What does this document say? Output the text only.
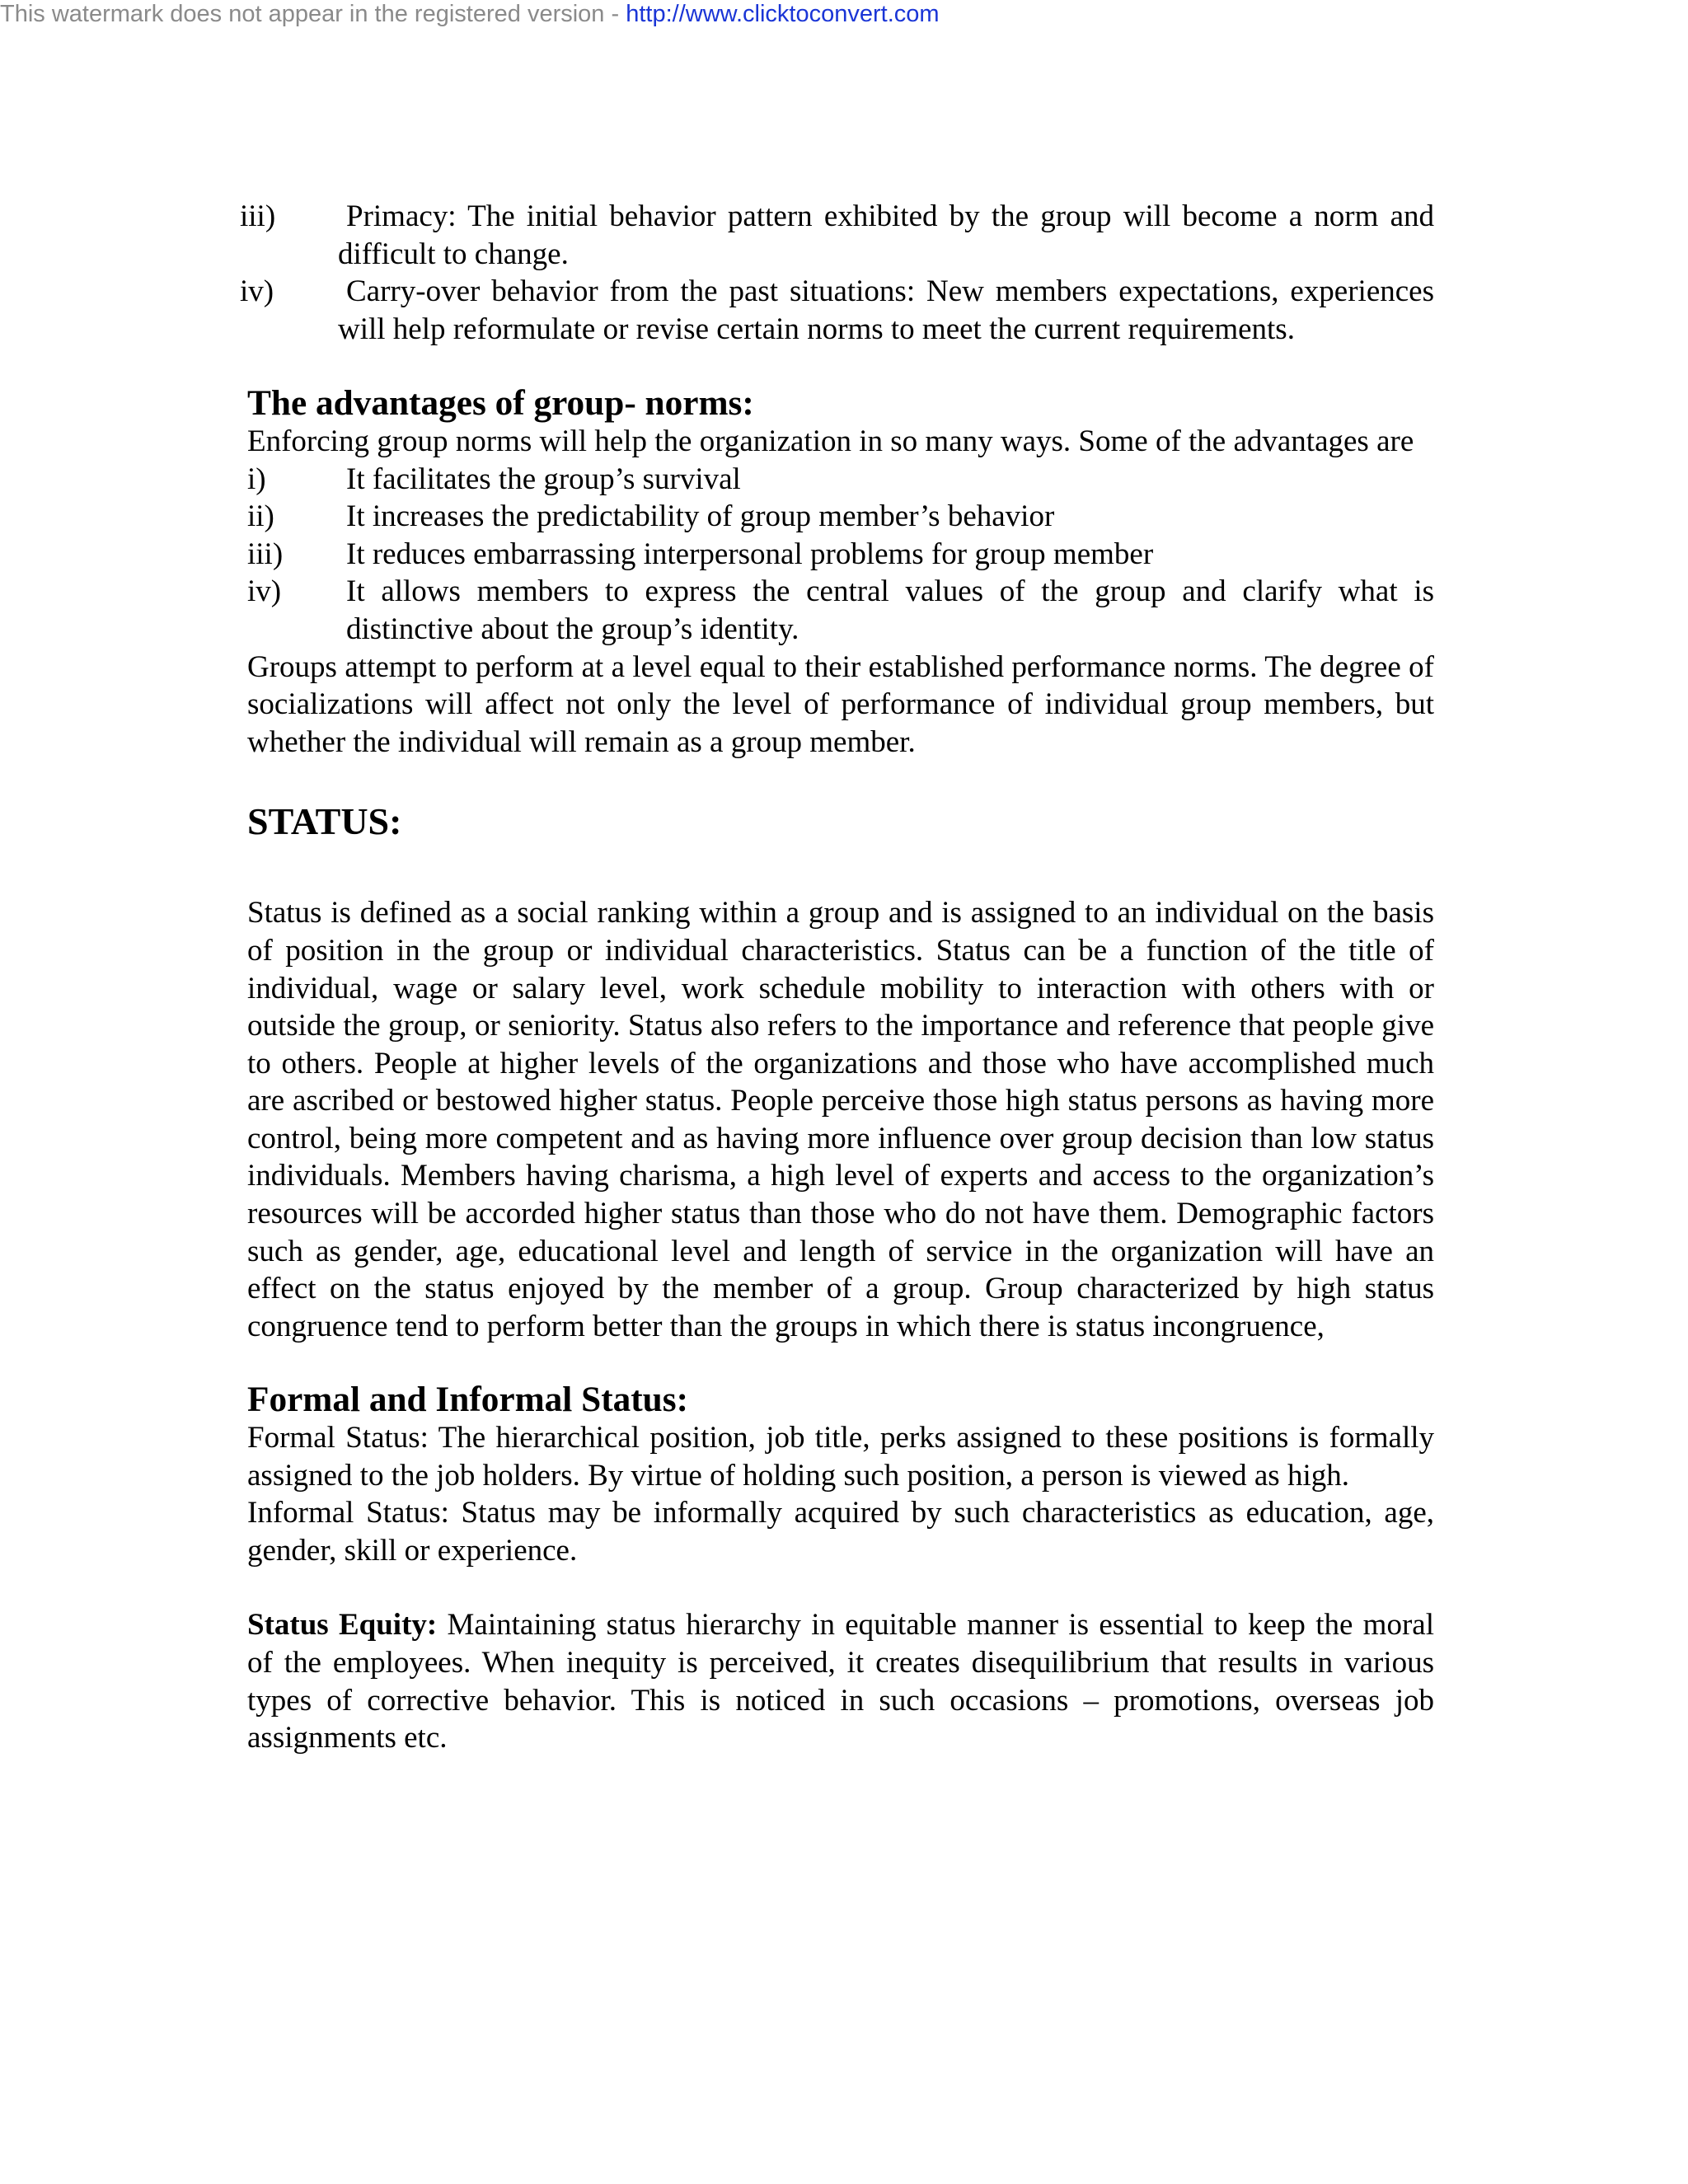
This watermark does not appear in the registered version - http://www.clicktoconvert.com
iii)	Primacy: The initial behavior pattern exhibited by the group will become a norm and difficult to change.
iv)	Carry-over behavior from the past situations: New members expectations, experiences will help reformulate or revise certain norms to meet the current requirements.
The advantages of group- norms:

Enforcing group norms will help the organization in so many ways. Some of the advantages are

i)	It facilitates the group’s survival
ii)	It increases the predictability of group member’s behavior
iii)	It reduces embarrassing interpersonal problems for group member
iv)	It allows members to express the central values of the group and clarify what is distinctive about the group’s identity.

Groups attempt to perform at a level equal to their established performance norms. The degree of socializations will affect not only the level of performance of individual group members, but whether the individual will remain as a group member.

STATUS:

Status is defined as a social ranking within a group and is assigned to an individual on the basis of position in the group or individual characteristics. Status can be a function of the title of individual, wage or salary level, work schedule mobility to interaction with others with or outside the group, or seniority. Status also refers to the importance and reference that people give to others. People at higher levels of the organizations and those who have accomplished much are ascribed or bestowed higher status. People perceive those high status persons as having more control, being more competent and as having more influence over group decision than low status individuals. Members having charisma, a high level of experts and access to the organization’s resources will be accorded higher status than those who do not have them. Demographic factors such as gender, age, educational level and length of service in the organization will have an effect on the status enjoyed by the member of a group. Group characterized by high status congruence tend to perform better than the groups in which there is status incongruence,

Formal and Informal Status:

Formal Status: The hierarchical position, job title, perks assigned to these positions is formally assigned to the job holders. By virtue of holding such position, a person is viewed as high.

Informal Status: Status may be informally acquired by such characteristics as education, age, gender, skill or experience.

Status Equity: Maintaining status hierarchy in equitable manner is essential to keep the moral of the employees. When inequity is perceived, it creates disequilibrium that results in various types of corrective behavior. This is noticed in such occasions – promotions, overseas job assignments etc.
